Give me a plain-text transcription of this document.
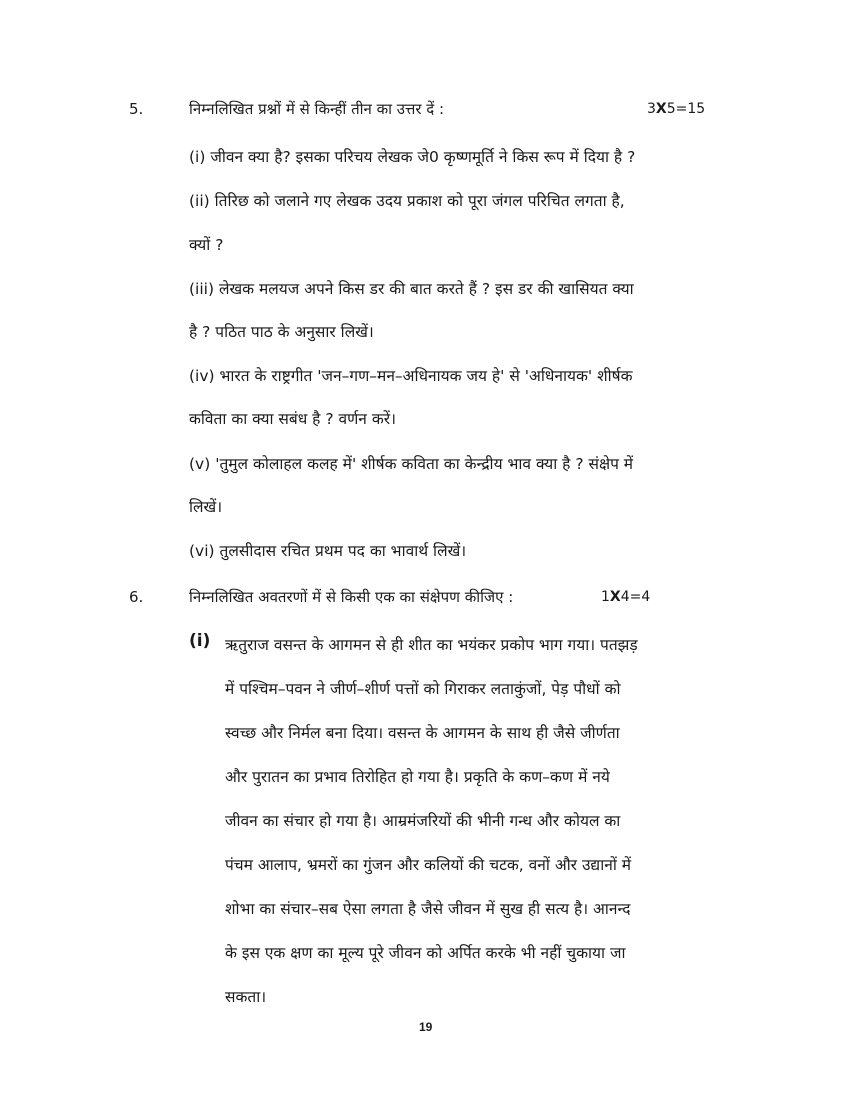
5.	निम्नलिखित प्रश्नों में से किन्हीं तीन का उत्तर दें :	3X5=15
(i) जीवन क्या है? इसका परिचय लेखक जे0 कृष्णमूर्ति ने किस रूप में दिया है ?
(ii) तिरिछ को जलाने गए लेखक उदय प्रकाश को पूरा जंगल परिचित लगता है,
क्यों ?
(iii) लेखक मलयज अपने किस डर की बात करते हैं ? इस डर की खासियत क्या
है ? पठित पाठ के अनुसार लिखें।
(iv) भारत के राष्ट्रगीत 'जन–गण–मन–अधिनायक जय हे' से 'अधिनायक' शीर्षक
कविता का क्या सबंध है ? वर्णन करें।
(v) 'तुमुल कोलाहल कलह में' शीर्षक कविता का केन्द्रीय भाव क्या है ? संक्षेप में
लिखें।
(vi) तुलसीदास रचित प्रथम पद का भावार्थ लिखें।
6.	निम्नलिखित अवतरणों में से किसी एक का संक्षेपण कीजिए :	1X4=4
(i) ऋतुराज वसन्त के आगमन से ही शीत का भयंकर प्रकोप भाग गया। पतझड़
में पश्चिम–पवन ने जीर्ण–शीर्ण पत्तों को गिराकर लताकुंजों, पेड़ पौधों को
स्वच्छ और निर्मल बना दिया। वसन्त के आगमन के साथ ही जैसे जीर्णता
और पुरातन का प्रभाव तिरोहित हो गया है। प्रकृति के कण–कण में नये
जीवन का संचार हो गया है। आम्रमंजरियों की भीनी गन्ध और कोयल का
पंचम आलाप, भ्रमरों का गुंजन और कलियों की चटक, वनों और उद्यानों में
शोभा का संचार–सब ऐसा लगता है जैसे जीवन में सुख ही सत्य है। आनन्द
के इस एक क्षण का मूल्य पूरे जीवन को अर्पित करके भी नहीं चुकाया जा
सकता।
19
